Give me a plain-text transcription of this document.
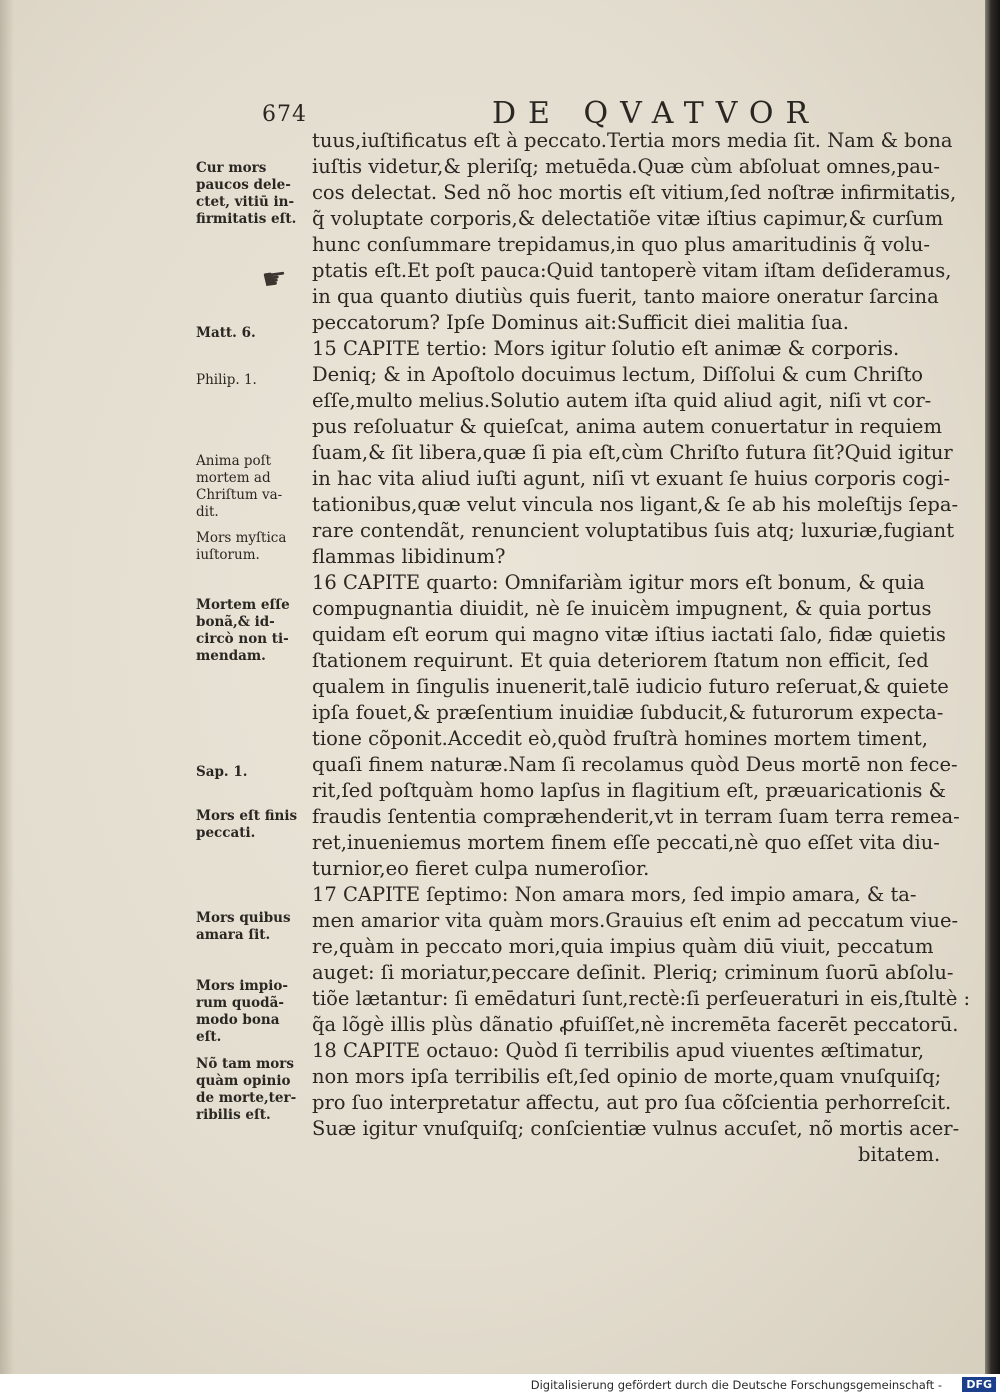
674	DE QVATVOR
Cur mors
paucos dele-
ctet, vitiū in-
firmitatis eſt.
Matt. 6.
Philip. 1.
Anima poſt
mortem ad
Chriſtum va-
dit.
Mors myſtica
iuſtorum.
Mortem eſſe
bonã,& id-
circò non ti-
mendam.
Sap. 1.
Mors eſt finis
peccati.
Mors quibus
amara ſit.
Mors impio-
rum quodã-
modo bona
eſt.
Nõ tam mors
quàm opinio
de morte,ter-
ribilis eſt.
☛
tuus,iuſtificatus eſt à peccato.Tertia mors media ſit. Nam & bona
iuſtis videtur,& pleriſq; metuēda.Quæ cùm abſoluat omnes,pau-
cos delectat. Sed nõ hoc mortis eſt vitium,ſed noſtræ infirmitatis,
q̃ voluptate corporis,& delectatiõe vitæ iſtius capimur,& curſum
hunc conſummare trepidamus,in quo plus amaritudinis q̃ volu-
ptatis eſt.Et poſt pauca:Quid tantoperè vitam iſtam deſideramus,
in qua quanto diutiùs quis fuerit, tanto maiore oneratur ſarcina
peccatorum? Ipſe Dominus ait:Sufficit diei malitia ſua.
15 CAPITE tertio: Mors igitur ſolutio eſt animæ & corporis.
Deniq; & in Apoſtolo docuimus lectum, Diſſolui & cum Chriſto
eſſe,multo melius.Solutio autem iſta quid aliud agit, niſi vt cor-
pus reſoluatur & quieſcat, anima autem conuertatur in requiem
ſuam,& ſit libera,quæ ſi pia eſt,cùm Chriſto futura ſit?Quid igitur
in hac vita aliud iuſti agunt, niſi vt exuant ſe huius corporis cogi-
tationibus,quæ velut vincula nos ligant,& ſe ab his moleſtijs ſepa-
rare contendãt, renuncient voluptatibus ſuis atq; luxuriæ,fugiant
flammas libidinum?
16 CAPITE quarto: Omnifariàm igitur mors eſt bonum, & quia
compugnantia diuidit, nè ſe inuicèm impugnent, & quia portus
quidam eſt eorum qui magno vitæ iſtius iactati ſalo, fidæ quietis
ſtationem requirunt. Et quia deteriorem ſtatum non efficit, ſed
qualem in ſingulis inuenerit,talē iudicio futuro reſeruat,& quiete
ipſa fouet,& præſentium inuidiæ ſubducit,& futurorum expecta-
tione cõponit.Accedit eò,quòd fruſtrà homines mortem timent,
quaſi finem naturæ.Nam ſi recolamus quòd Deus mortē non fece-
rit,ſed poſtquàm homo lapſus in flagitium eſt, præuaricationis &
fraudis ſententia compræhenderit,vt in terram ſuam terra remea-
ret,inueniemus mortem finem eſſe peccati,nè quo eſſet vita diu-
turnior,eo fieret culpa numeroſior.
17 CAPITE ſeptimo: Non amara mors, ſed impio amara, & ta-
men amarior vita quàm mors.Grauius eſt enim ad peccatum viue-
re,quàm in peccato mori,quia impius quàm diū viuit, peccatum
auget: ſi moriatur,peccare deſinit. Pleriq; criminum ſuorū abſolu-
tiõe lætantur: ſi emēdaturi ſunt,rectè:ſi perſeueraturi in eis,ſtultè :
q̃a lõgè illis plùs dãnatio ꝓfuiſſet,nè incremēta facerēt peccatorū.
18 CAPITE octauo: Quòd ſi terribilis apud viuentes æſtimatur,
non mors ipſa terribilis eſt,ſed opinio de morte,quam vnuſquiſq;
pro ſuo interpretatur affectu, aut pro ſua cõſcientia perhorreſcit.
Suæ igitur vnuſquiſq; conſcientiæ vulnus accuſet, nõ mortis acer-
bitatem.
Digitalisierung gefördert durch die Deutsche Forschungsgemeinschaft -	DFG
